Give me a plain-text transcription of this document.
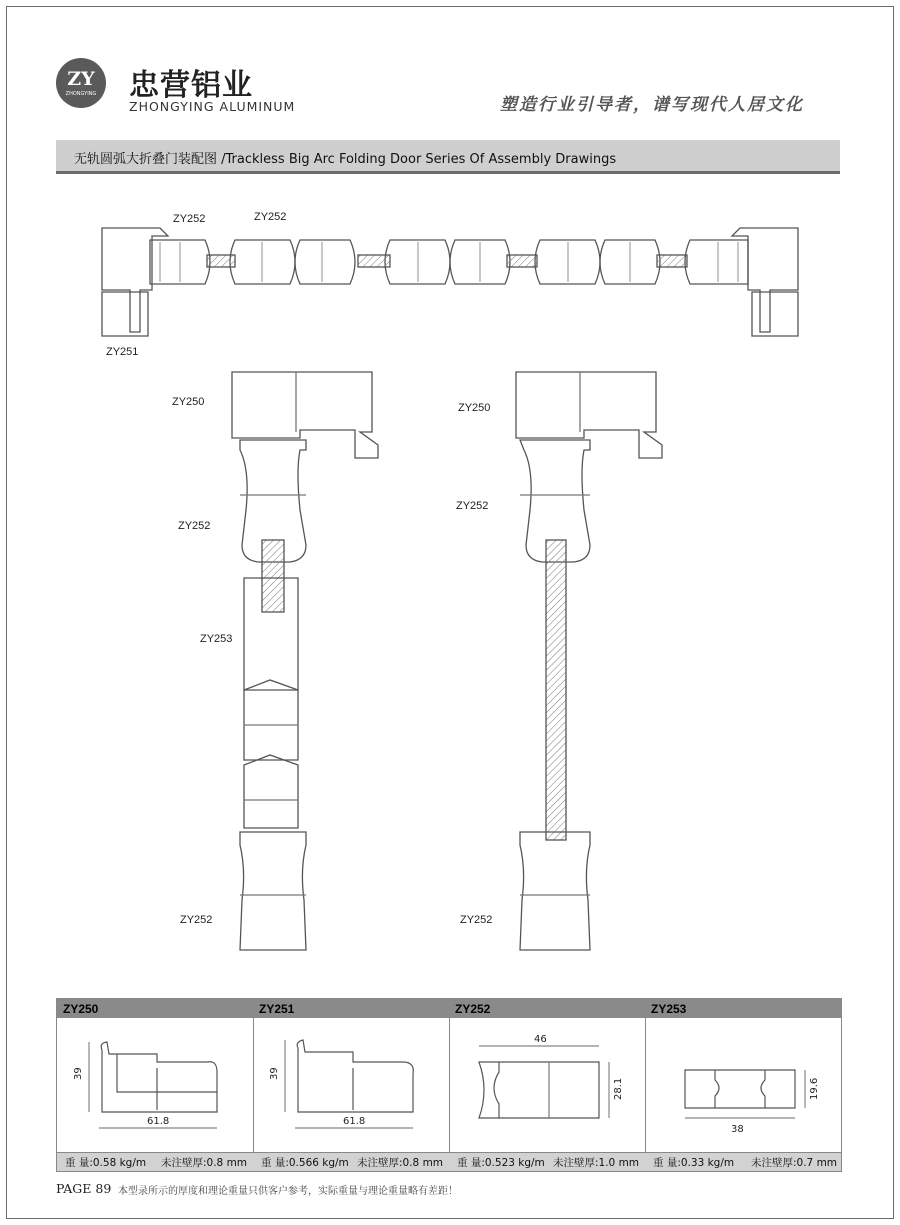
ZY
ZHONGYING	忠营铝业
ZHONGYING ALUMINUM	塑造行业引导者，谱写现代人居文化
无轨圆弧大折叠门装配图 /Trackless Big Arc Folding Door Series Of Assembly Drawings
ZY252	ZY252
ZY251
ZY250
ZY252
ZY253
ZY252
ZY250
ZY252
ZY252
ZY250	ZY251	ZY252	ZY253
39
61.8
39
61.8
46
28.1
38
19.6
重 量:0.58 kg/m 未注壁厚:0.8 mm 重 量:0.566 kg/m 未注壁厚:0.8 mm 重 量:0.523 kg/m 未注壁厚:1.0 mm 重 量:0.33 kg/m 未注壁厚:0.7 mm
PAGE 89 本型录所示的厚度和理论重量只供客户参考，实际重量与理论重量略有差距！
